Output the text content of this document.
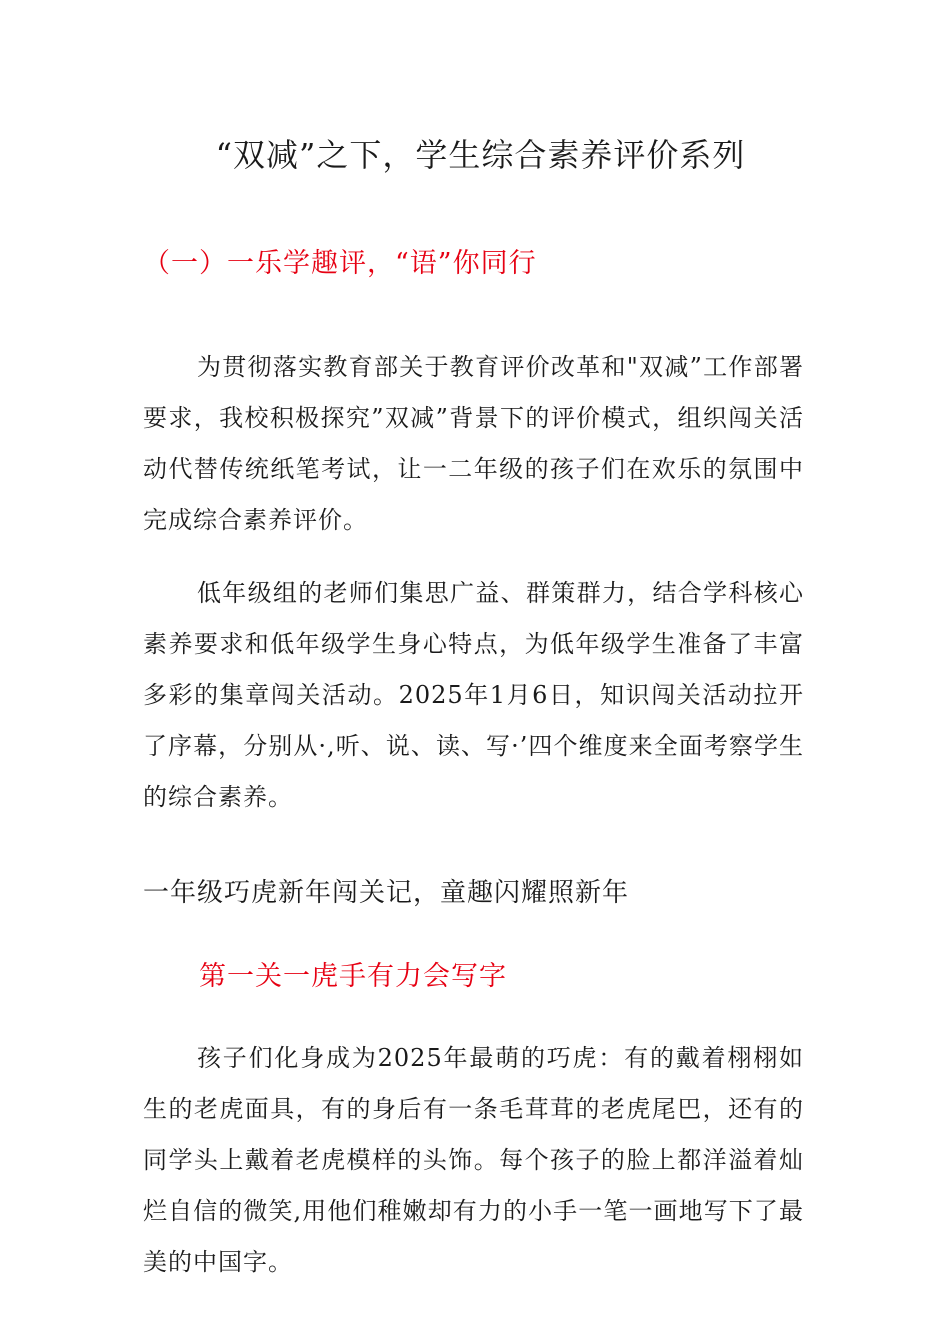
“双减”之下，学生综合素养评价系列
（一）一乐学趣评，“语”你同行

为贯彻落实教育部关于教育评价改革和"双减”工作部署要求，我校积极探究”双减”背景下的评价模式，组织闯关活动代替传统纸笔考试，让一二年级的孩子们在欢乐的氛围中完成综合素养评价。

低年级组的老师们集思广益、群策群力，结合学科核心素养要求和低年级学生身心特点，为低年级学生准备了丰富多彩的集章闯关活动。2025年1月6日，知识闯关活动拉开了序幕，分别从·,听、说、读、写·’四个维度来全面考察学生的综合素养。

一年级巧虎新年闯关记，童趣闪耀照新年
第一关一虎手有力会写字

孩子们化身成为2025年最萌的巧虎：有的戴着栩栩如生的老虎面具，有的身后有一条毛茸茸的老虎尾巴，还有的同学头上戴着老虎模样的头饰。每个孩子的脸上都洋溢着灿烂自信的微笑,用他们稚嫩却有力的小手一笔一画地写下了最美的中国字。
